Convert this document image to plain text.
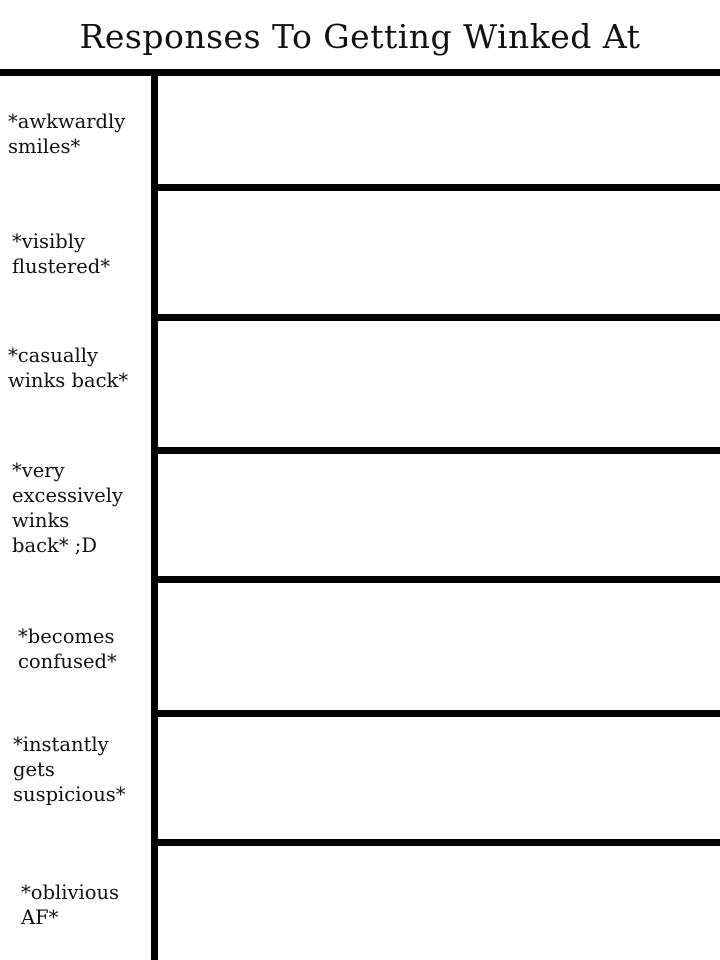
Responses To Getting Winked At
*awkwardly
smiles*
*visibly
flustered*
*casually
winks back*
*very
excessively
winks
back* ;D
*becomes
confused*
*instantly
gets
suspicious*
*oblivious
AF*
